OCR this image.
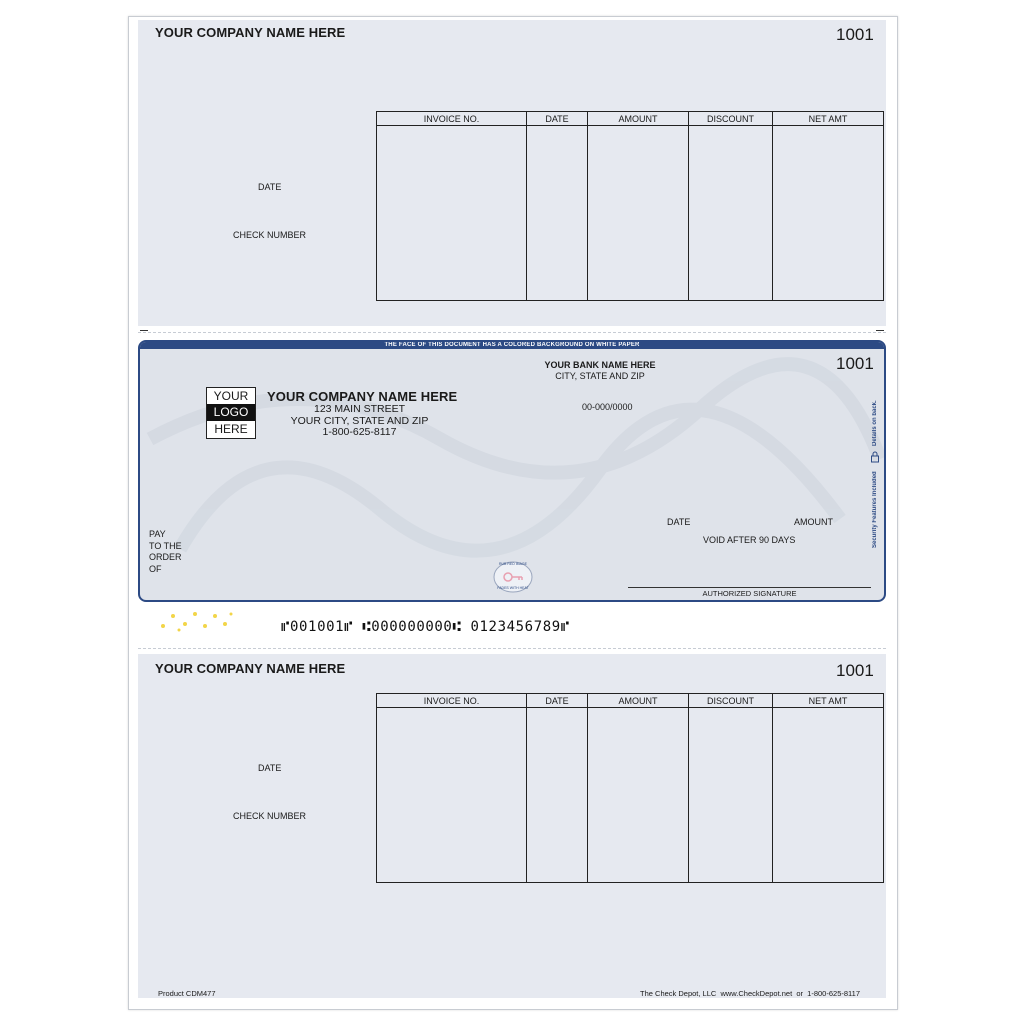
YOUR COMPANY NAME HERE	1001
DATE
CHECK NUMBER
INVOICE NO.	DATE	AMOUNT	DISCOUNT	NET AMT

THE FACE OF THIS DOCUMENT HAS A COLORED BACKGROUND ON WHITE PAPER
YOUR
LOGO
HERE
YOUR COMPANY NAME HERE
123 MAIN STREET
YOUR CITY, STATE AND ZIP
1-800-625-8117
YOUR BANK NAME HERE
CITY, STATE AND ZIP
1001
00-000/0000
PAY
TO THE
ORDER
OF
DATE	AMOUNT
VOID AFTER 90 DAYS
AUTHORIZED SIGNATURE
RUB RED IMAGE
FADES WITH HEAT
Details on back.
Security Features Included
⑈001001⑈ ⑆000000000⑆ 0123456789⑈
YOUR COMPANY NAME HERE	1001
DATE
CHECK NUMBER
INVOICE NO.	DATE	AMOUNT	DISCOUNT	NET AMT

Product CDM477	The Check Depot, LLC  www.CheckDepot.net  or  1-800-625-8117
